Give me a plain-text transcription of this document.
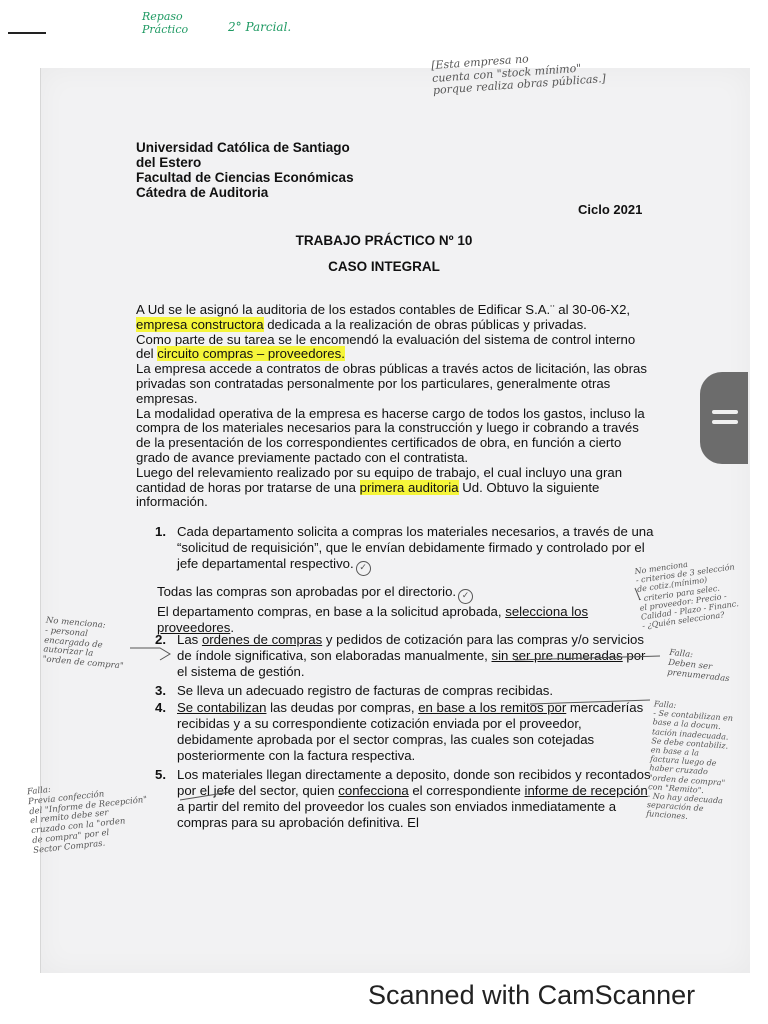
Repaso
Práctico	2° Parcial.
[Esta empresa no
cuenta con "stock mínimo"
porque realiza obras públicas.]
Universidad Católica de Santiago
del Estero
Facultad de Ciencias Económicas
Cátedra de Auditoria
Ciclo 2021
TRABAJO PRÁCTICO Nº 10
CASO INTEGRAL

A Ud se le asignó la auditoria de los estados contables de Edificar S.A.¨ al 30-06-X2, empresa constructora dedicada a la realización de obras públicas y privadas.

Como parte de su tarea se le encomendó la evaluación del sistema de control interno del circuito compras – proveedores.

La empresa accede a contratos de obras públicas a través actos de licitación, las obras privadas son contratadas personalmente por los particulares, generalmente otras empresas.

La modalidad operativa de la empresa es hacerse cargo de todos los gastos, incluso la compra de los materiales necesarios para la construcción y luego ir cobrando a través de la presentación de los correspondientes certificados de obra, en función a cierto grado de avance previamente pactado con el contratista.

Luego del relevamiento realizado por su equipo de trabajo, el cual incluyo una gran cantidad de horas por tratarse de una primera auditoria Ud. Obtuvo la siguiente información.

1. Cada departamento solicita a compras los materiales necesarios, a través de una “solicitud de requisición”, que le envían debidamente firmado y controlado por el jefe departamental respectivo. ✓
Todas las compras son aprobadas por el directorio. ✓
El departamento compras, en base a la solicitud aprobada, selecciona los proveedores.
2. Las ordenes de compras y pedidos de cotización para las compras y/o servicios de índole significativa, son elaboradas manualmente, sin ser pre numeradas por el sistema de gestión.
3. Se lleva un adecuado registro de facturas de compras recibidas.
4. Se contabilizan las deudas por compras, en base a los remitos por mercaderías recibidas y a su correspondiente cotización enviada por el proveedor, debidamente aprobada por el sector compras, las cuales son cotejadas posteriormente con la factura respectiva.
5. Los materiales llegan directamente a deposito, donde son recibidos y recontados por el jefe del sector, quien confecciona el correspondiente informe de recepción a partir del remito del proveedor los cuales son enviados inmediatamente a compras para su aprobación definitiva. El
No menciona:
- personal
encargado de
autorizar la
"orden de compra"
No menciona
- criterios de 3 selección
de cotiz.(mínimo)
- criterio para selec.
el proveedor: Precio -
Calidad - Plazo - Financ.
- ¿Quién selecciona?
Falla:
Deben ser
prenumeradas
Falla:
- Se contabilizan en
base a la docum.
tación inadecuada.
Se debe contabiliz.
en base a la
factura luego de
haber cruzado
"orden de compra"
con "Remito".
- No hay adecuada
separación de
funciones.
Falla:
Previa confección
del "Informe de Recepción"
el remito debe ser
cruzado con la "orden
de compra" por el
Sector Compras.
Scanned with CamScanner
